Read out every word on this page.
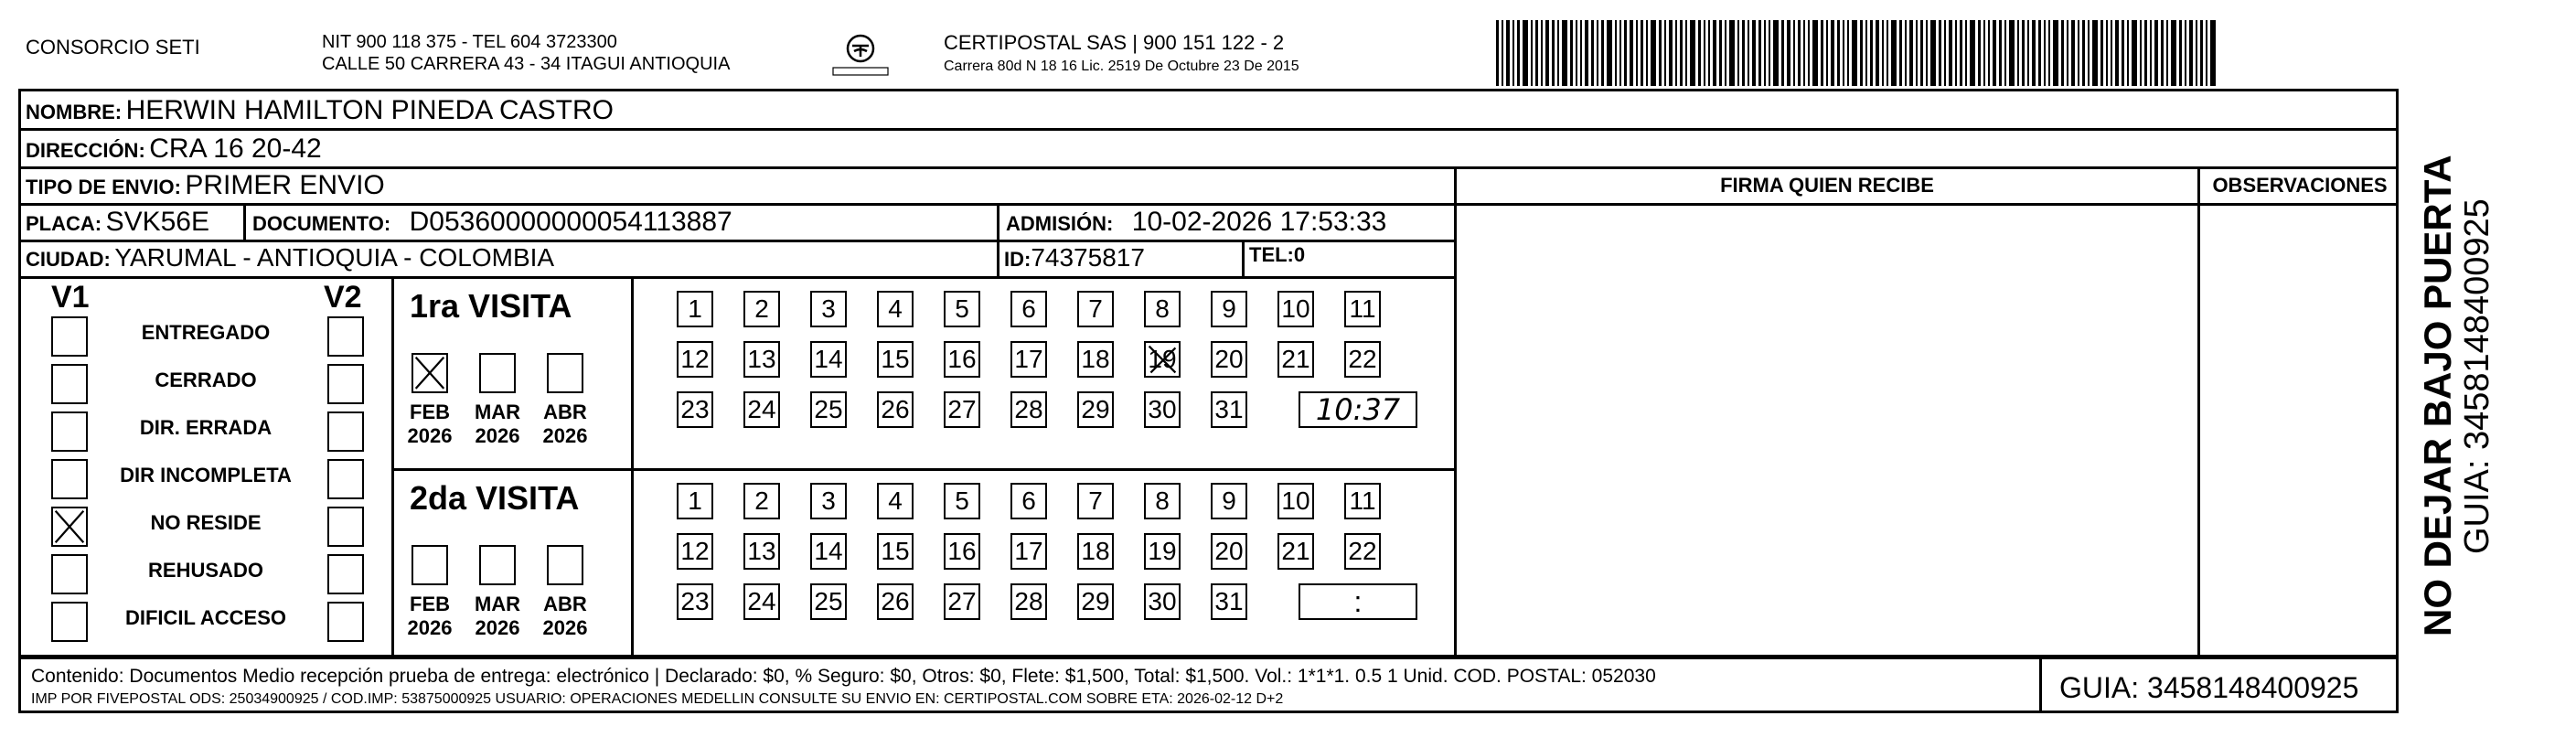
CONSORCIO SETI	NIT 900 118 375 - TEL 604 3723300
CALLE 50 CARRERA 43 - 34 ITAGUI ANTIOQUIA
CERTIPOSTAL SAS | 900 151 122 - 2
Carrera 80d N 18 16 Lic. 2519 De Octubre 23 De 2015
NOMBRE: HERWIN HAMILTON PINEDA CASTRO
DIRECCIÓN: CRA 16 20-42
TIPO DE ENVIO: PRIMER ENVIO
PLACA: SVK56E DOCUMENTO: D05360000000054113887	ADMISIÓN: 10-02-2026 17:53:33
CIUDAD: YARUMAL - ANTIOQUIA - COLOMBIA	ID:74375817	TEL:0
FIRMA QUIEN RECIBE	OBSERVACIONES
V1	V2
ENTREGADO
CERRADO
DIR. ERRADA
DIR INCOMPLETA
NO RESIDE
REHUSADO
DIFICIL ACCESO
1ra VISITA
FEB
2026
MAR
2026
ABR
2026
1	2	3	4	5	6	7	8	9	10 11
12 13 14 15 16 17 18 19 20 21 22
23 24 25 26 27 28 29 30 31	10:37
2da VISITA
FEB
2026
MAR
2026
ABR
2026
1	2	3	4	5	6	7	8	9	10 11
12 13 14 15 16 17 18 19 20 21 22
23 24 25 26 27 28 29 30 31	:
Contenido: Documentos Medio recepción prueba de entrega: electrónico | Declarado: $0, % Seguro: $0, Otros: $0, Flete: $1,500, Total: $1,500. Vol.: 1*1*1. 0.5 1 Unid. COD. POSTAL: 052030
IMP POR FIVEPOSTAL ODS: 25034900925 / COD.IMP: 53875000925 USUARIO: OPERACIONES MEDELLIN CONSULTE SU ENVIO EN: CERTIPOSTAL.COM SOBRE ETA: 2026-02-12 D+2	GUIA: 3458148400925
NO DEJAR BAJO PUERTA GUIA: 3458148400925
